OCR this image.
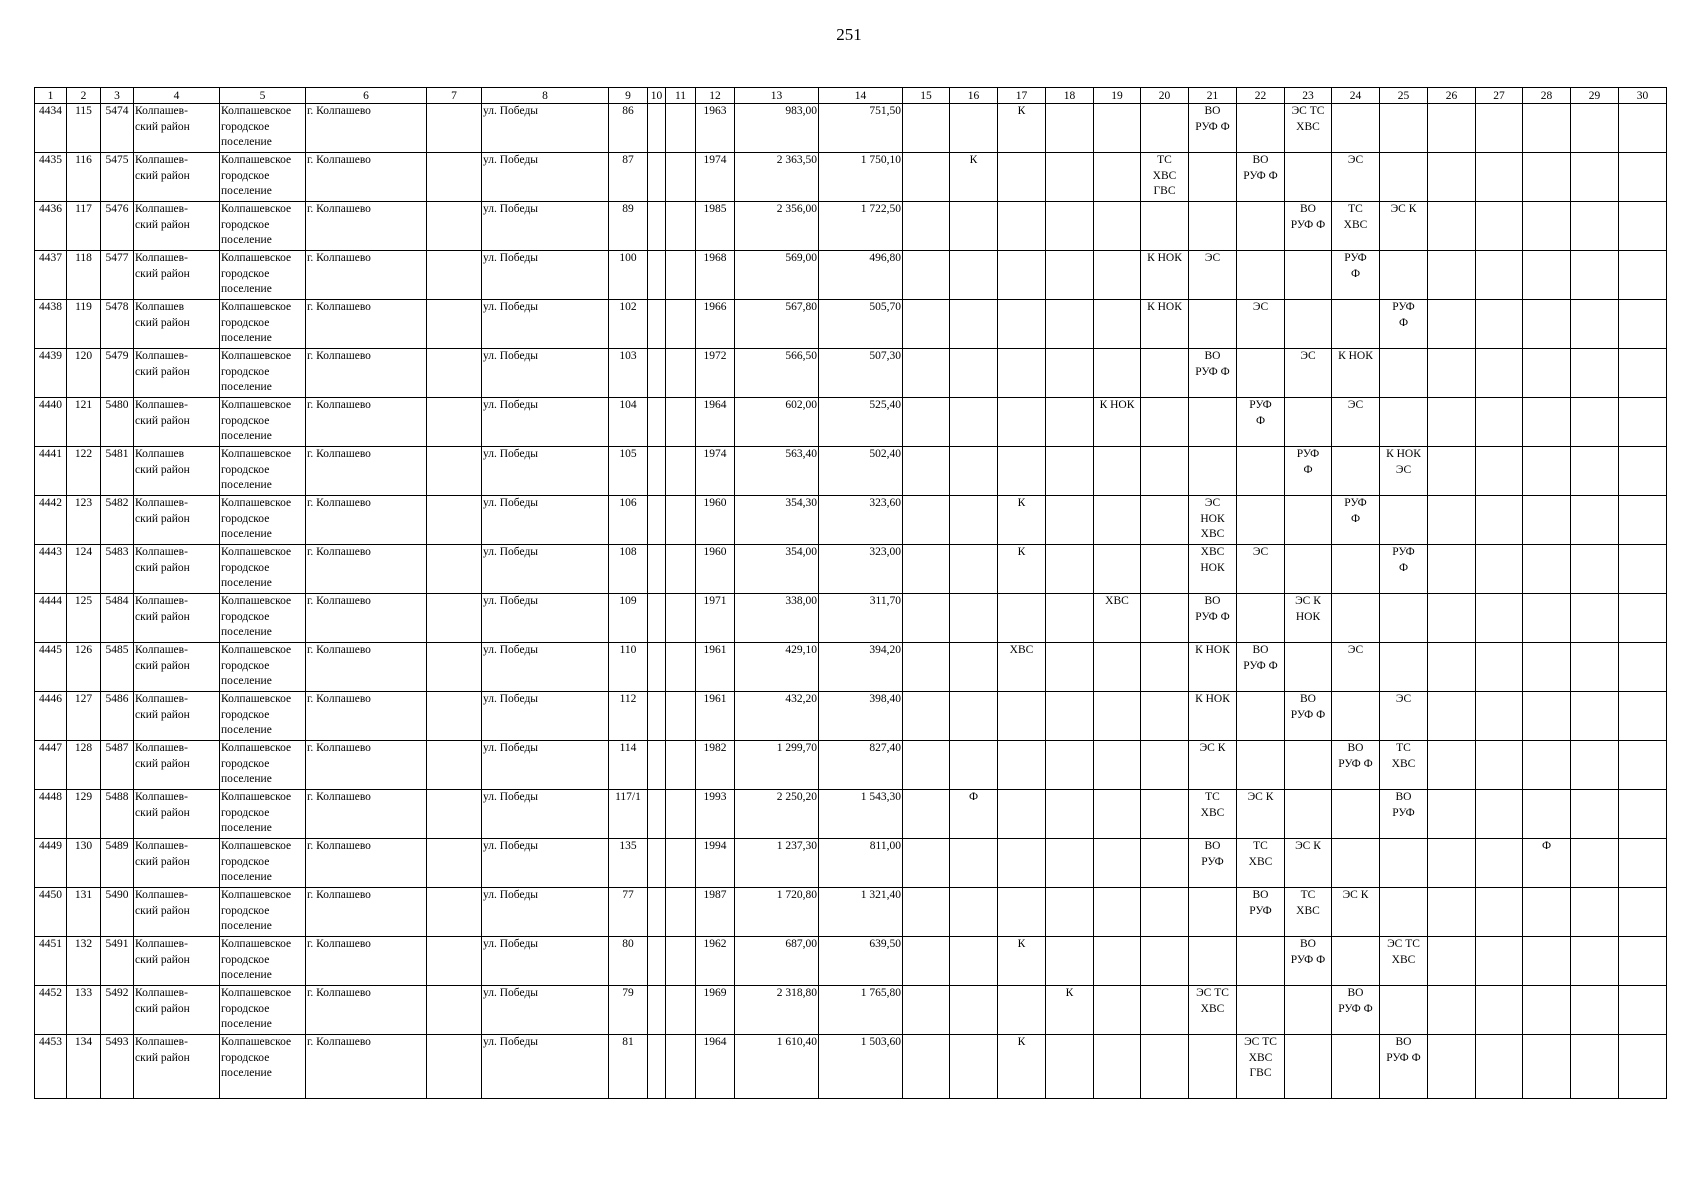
251
1	2	3	4	5	6	7	8	9	10	11	12	13	14	15	16	17	18	19	20	21	22	23	24	25	26	27	28	29	30
4434	115	5474	Колпашев-
ский район	Колпашевское
городское
поселение	г. Колпашево		ул. Победы	86			1963	983,00	751,50			К				ВО
РУФ Ф		ЭС ТС
ХВС							
4435	116	5475	Колпашев-
ский район	Колпашевское
городское
поселение	г. Колпашево		ул. Победы	87			1974	2 363,50	1 750,10		К				ТС
ХВС
ГВС		ВО
РУФ Ф		ЭС						
4436	117	5476	Колпашев-
ский район	Колпашевское
городское
поселение	г. Колпашево		ул. Победы	89			1985	2 356,00	1 722,50									ВО
РУФ Ф	ТС
ХВС	ЭС К					
4437	118	5477	Колпашев-
ский район	Колпашевское
городское
поселение	г. Колпашево		ул. Победы	100			1968	569,00	496,80						К НОК	ЭС			РУФ
Ф						
4438	119	5478	Колпашев
ский район	Колпашевское
городское
поселение	г. Колпашево		ул. Победы	102			1966	567,80	505,70						К НОК		ЭС			РУФ
Ф					
4439	120	5479	Колпашев-
ский район	Колпашевское
городское
поселение	г. Колпашево		ул. Победы	103			1972	566,50	507,30							ВО
РУФ Ф		ЭС	К НОК						
4440	121	5480	Колпашев-
ский район	Колпашевское
городское
поселение	г. Колпашево		ул. Победы	104			1964	602,00	525,40					К НОК			РУФ
Ф		ЭС						
4441	122	5481	Колпашев
ский район	Колпашевское
городское
поселение	г. Колпашево		ул. Победы	105			1974	563,40	502,40									РУФ
Ф		К НОК
ЭС					
4442	123	5482	Колпашев-
ский район	Колпашевское
городское
поселение	г. Колпашево		ул. Победы	106			1960	354,30	323,60			К				ЭС
НОК
ХВС			РУФ
Ф						
4443	124	5483	Колпашев-
ский район	Колпашевское
городское
поселение	г. Колпашево		ул. Победы	108			1960	354,00	323,00			К				ХВС
НОК	ЭС			РУФ
Ф					
4444	125	5484	Колпашев-
ский район	Колпашевское
городское
поселение	г. Колпашево		ул. Победы	109			1971	338,00	311,70					ХВС		ВО
РУФ Ф		ЭС К
НОК							
4445	126	5485	Колпашев-
ский район	Колпашевское
городское
поселение	г. Колпашево		ул. Победы	110			1961	429,10	394,20			ХВС				К НОК	ВО
РУФ Ф		ЭС						
4446	127	5486	Колпашев-
ский район	Колпашевское
городское
поселение	г. Колпашево		ул. Победы	112			1961	432,20	398,40							К НОК		ВО
РУФ Ф		ЭС					
4447	128	5487	Колпашев-
ский район	Колпашевское
городское
поселение	г. Колпашево		ул. Победы	114			1982	1 299,70	827,40							ЭС К			ВО
РУФ Ф	ТС
ХВС					
4448	129	5488	Колпашев-
ский район	Колпашевское
городское
поселение	г. Колпашево		ул. Победы	117/1			1993	2 250,20	1 543,30		Ф					ТС
ХВС	ЭС К			ВО
РУФ					
4449	130	5489	Колпашев-
ский район	Колпашевское
городское
поселение	г. Колпашево		ул. Победы	135			1994	1 237,30	811,00							ВО
РУФ	ТС
ХВС	ЭС К					Ф		
4450	131	5490	Колпашев-
ский район	Колпашевское
городское
поселение	г. Колпашево		ул. Победы	77			1987	1 720,80	1 321,40								ВО
РУФ	ТС
ХВС	ЭС К						
4451	132	5491	Колпашев-
ский район	Колпашевское
городское
поселение	г. Колпашево		ул. Победы	80			1962	687,00	639,50			К						ВО
РУФ Ф		ЭС ТС
ХВС					
4452	133	5492	Колпашев-
ский район	Колпашевское
городское
поселение	г. Колпашево		ул. Победы	79			1969	2 318,80	1 765,80				К			ЭС ТС
ХВС			ВО
РУФ Ф						
4453	134	5493	Колпашев-
ский район	Колпашевское
городское
поселение	г. Колпашево		ул. Победы	81			1964	1 610,40	1 503,60			К					ЭС ТС
ХВС
ГВС			ВО
РУФ Ф					
